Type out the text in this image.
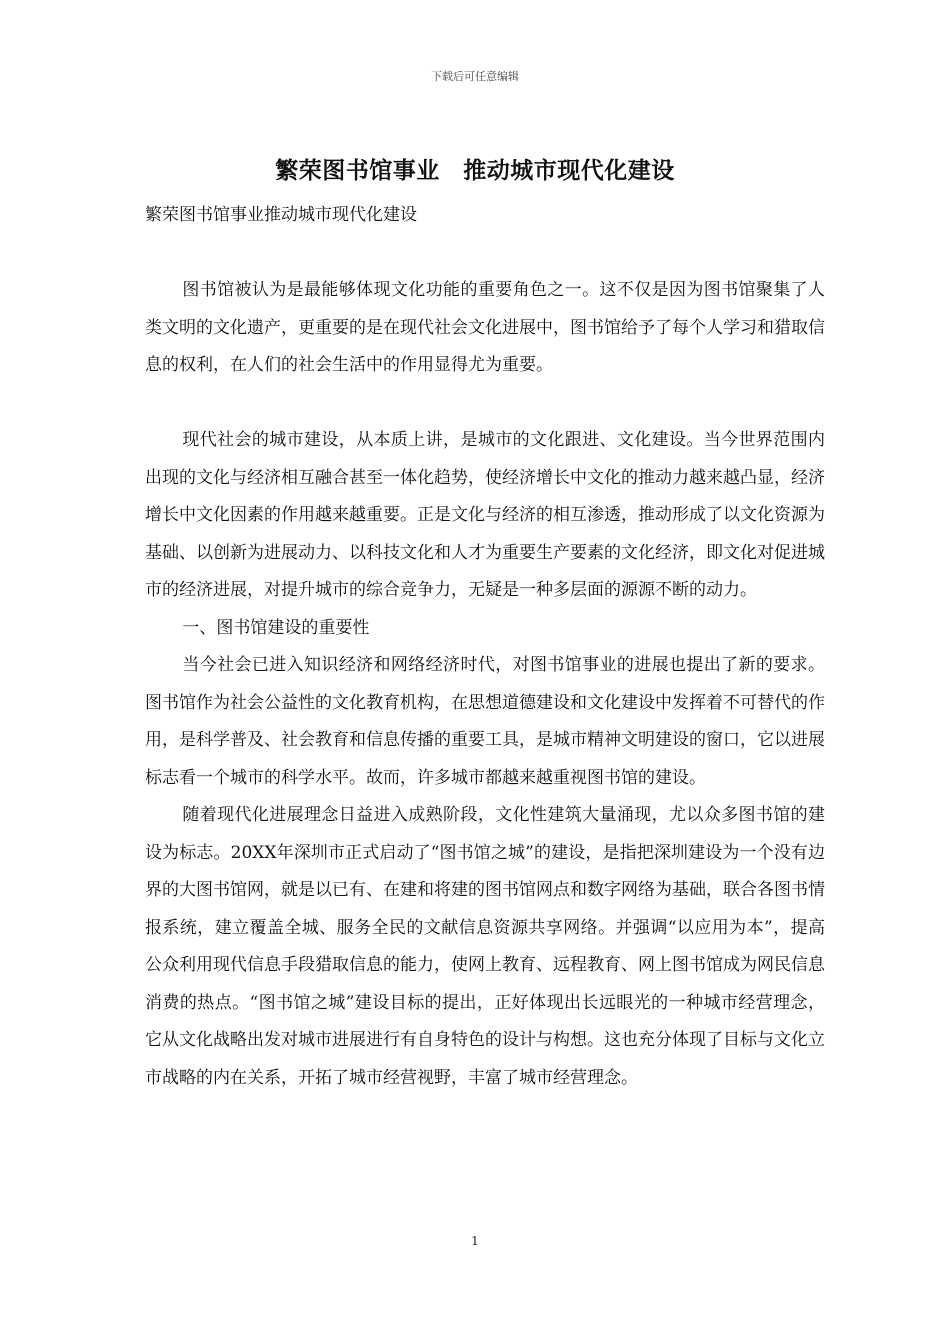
下载后可任意编辑
繁荣图书馆事业　推动城市现代化建设

繁荣图书馆事业推动城市现代化建设

图书馆被认为是最能够体现文化功能的重要角色之一。这不仅是因为图书馆聚集了人类文明的文化遗产，更重要的是在现代社会文化进展中，图书馆给予了每个人学习和猎取信息的权利，在人们的社会生活中的作用显得尤为重要。

现代社会的城市建设，从本质上讲，是城市的文化跟进、文化建设。当今世界范围内出现的文化与经济相互融合甚至一体化趋势，使经济增长中文化的推动力越来越凸显，经济增长中文化因素的作用越来越重要。正是文化与经济的相互渗透，推动形成了以文化资源为基础、以创新为进展动力、以科技文化和人才为重要生产要素的文化经济，即文化对促进城市的经济进展，对提升城市的综合竞争力，无疑是一种多层面的源源不断的动力。

一、图书馆建设的重要性

当今社会已进入知识经济和网络经济时代，对图书馆事业的进展也提出了新的要求。图书馆作为社会公益性的文化教育机构，在思想道德建设和文化建设中发挥着不可替代的作用，是科学普及、社会教育和信息传播的重要工具，是城市精神文明建设的窗口，它以进展标志看一个城市的科学水平。故而，许多城市都越来越重视图书馆的建设。

随着现代化进展理念日益进入成熟阶段，文化性建筑大量涌现，尤以众多图书馆的建设为标志。20XX年深圳市正式启动了“图书馆之城”的建设，是指把深圳建设为一个没有边界的大图书馆网，就是以已有、在建和将建的图书馆网点和数字网络为基础，联合各图书情报系统，建立覆盖全城、服务全民的文献信息资源共享网络。并强调“以应用为本”，提高公众利用现代信息手段猎取信息的能力，使网上教育、远程教育、网上图书馆成为网民信息消费的热点。“图书馆之城”建设目标的提出，正好体现出长远眼光的一种城市经营理念，它从文化战略出发对城市进展进行有自身特色的设计与构想。这也充分体现了目标与文化立市战略的内在关系，开拓了城市经营视野，丰富了城市经营理念。

1
